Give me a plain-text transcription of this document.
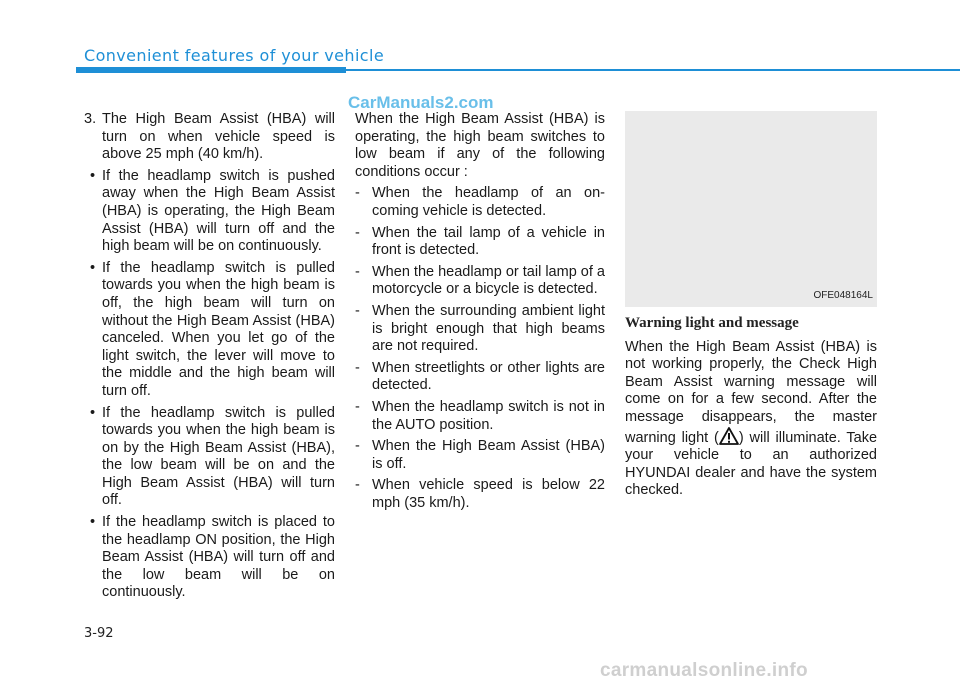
Convenient features of your vehicle
CarManuals2.com
3. The High Beam Assist (HBA) will turn on when vehicle speed is above 25 mph (40 km/h).
• If the headlamp switch is pushed away when the High Beam Assist (HBA) is operating, the High Beam Assist (HBA) will turn off and the high beam will be on continuously.
• If the headlamp switch is pulled towards you when the high beam is off, the high beam will turn on without the High Beam Assist (HBA) canceled. When you let go of the light switch, the lever will move to the middle and the high beam will turn off.
• If the headlamp switch is pulled towards you when the high beam is on by the High Beam Assist (HBA), the low beam will be on and the High Beam Assist (HBA) will turn off.
• If the headlamp switch is placed to the headlamp ON position, the High Beam Assist (HBA) will turn off and the low beam will be on continuously.

When the High Beam Assist (HBA) is operating, the high beam switches to low beam if any of the following conditions occur :

- When the headlamp of an on-coming vehicle is detected.
- When the tail lamp of a vehicle in front is detected.
- When the headlamp or tail lamp of a motorcycle or a bicycle is detected.
- When the surrounding ambient light is bright enough that high beams are not required.
- When streetlights or other lights are detected.
- When the headlamp switch is not in the AUTO position.
- When the High Beam Assist (HBA) is off.
- When vehicle speed is below 22 mph (35 km/h).
OFE048164L
Warning light and message

When the High Beam Assist (HBA) is not working properly, the Check High Beam Assist warning message will come on for a few second. After the message disappears, the master warning light ( ) will illuminate. Take your vehicle to an authorized HYUNDAI dealer and have the system checked.

3-92
carmanualsonline.info
